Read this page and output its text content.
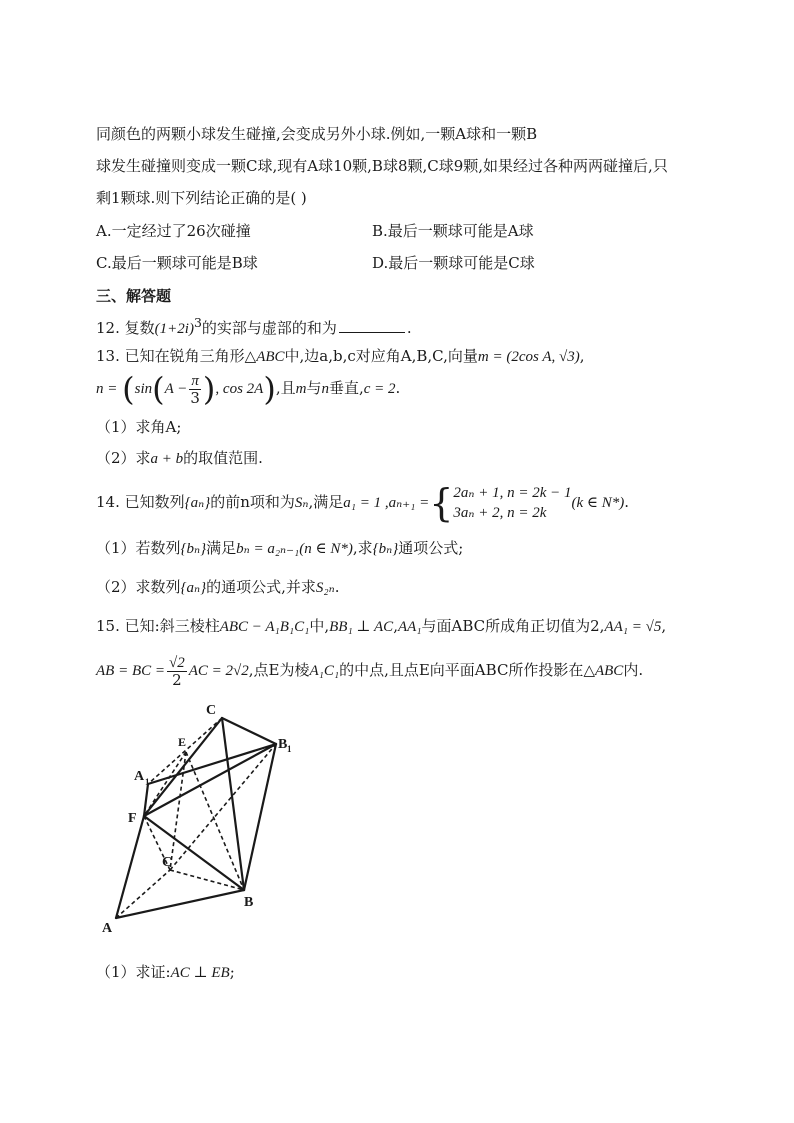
同颜色的两颗小球发生碰撞,会变成另外小球.例如,一颗A球和一颗B
球发生碰撞则变成一颗C球,现有A球10颗,B球8颗,C球9颗,如果经过各种两两碰撞后,只
剩1颗球.则下列结论正确的是( )
A.一定经过了26次碰撞	B.最后一颗球可能是A球
C.最后一颗球可能是B球	D.最后一颗球可能是C球
三、解答题
12. 复数$(1+2i)^3$的实部与虚部的和为	.
13. 已知在锐角三角形△ABC中,边a,b,c对应角A,B,C,向量m = (2cos A, √3),
$n = (\sin(A - \frac{\pi}{3}$ ), cos 2A),且m与n垂直,c = 2.
（1）求角A;
（2）求a + b的取值范围.
14. 已知数列{aₙ}的前n项和为Sₙ,满足a₁ = 1 ,aₙ₊₁ ={ 2aₙ + 1, n = 2k − 1
3aₙ + 2, n = 2k
(k ∈ N*).
（1）若数列{bₙ}满足bₙ = a₂ₙ₋₁(n ∈ N*),求{bₙ}通项公式;
（2）求数列{aₙ}的通项公式,并求S₂ₙ.
15. 已知:斜三棱柱ABC − A₁B₁C₁中,BB₁ ⊥ AC,AA₁与面ABC所成角正切值为2,AA₁ = √5,
AB = BC = $\frac{√2}{2}$ AC = 2√2,点E为棱A₁C₁的中点,且点E向平面ABC所作投影在△ABC内.
C
E
A 1
B 1
F
C
B
A
（1）求证:AC ⊥ EB;
